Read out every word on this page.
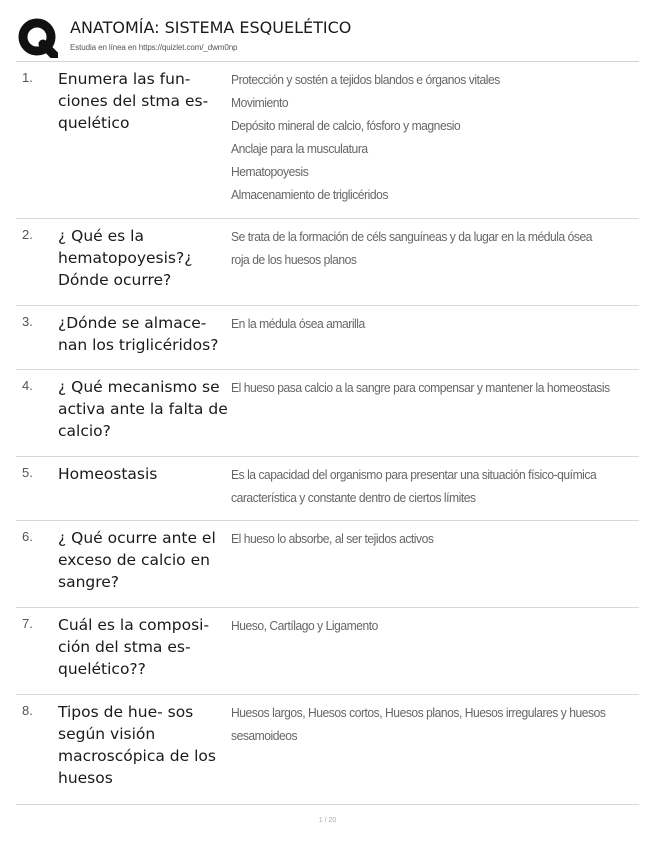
ANATOMÍA: SISTEMA ESQUELÉTICO
Estudia en línea en https://quizlet.com/_dwm0np
1. Enumera las fun- ciones del stma es- quelético
Protección y sostén a tejidos blandos e órganos vitales
Movimiento
Depósito mineral de calcio, fósforo y magnesio
Anclaje para la musculatura
Hematopoyesis
Almacenamiento de triglicéridos
2. ¿ Qué es la hematopoyesis?¿ Dónde ocurre?
Se trata de la formación de céls sanguíneas y da lugar en la médula ósea
roja de los huesos planos
3. ¿Dónde se almace- nan los triglicéridos?
En la médula ósea amarilla
4. ¿ Qué mecanismo se activa ante la falta de calcio?
El hueso pasa calcio a la sangre para compensar y mantener la homeostasis
5. Homeostasis	Es la capacidad del organismo para presentar una situación físico-química
característica y constante dentro de ciertos límites
6. ¿ Qué ocurre ante el exceso de calcio en sangre?
El hueso lo absorbe, al ser tejidos activos
7. Cuál es la composi- ción del stma es- quelético??
Hueso, Cartílago y Ligamento
8. Tipos de hue- sos según visión macroscópica de los huesos
Huesos largos, Huesos cortos, Huesos planos, Huesos irregulares y huesos
sesamoideos
1 / 20
